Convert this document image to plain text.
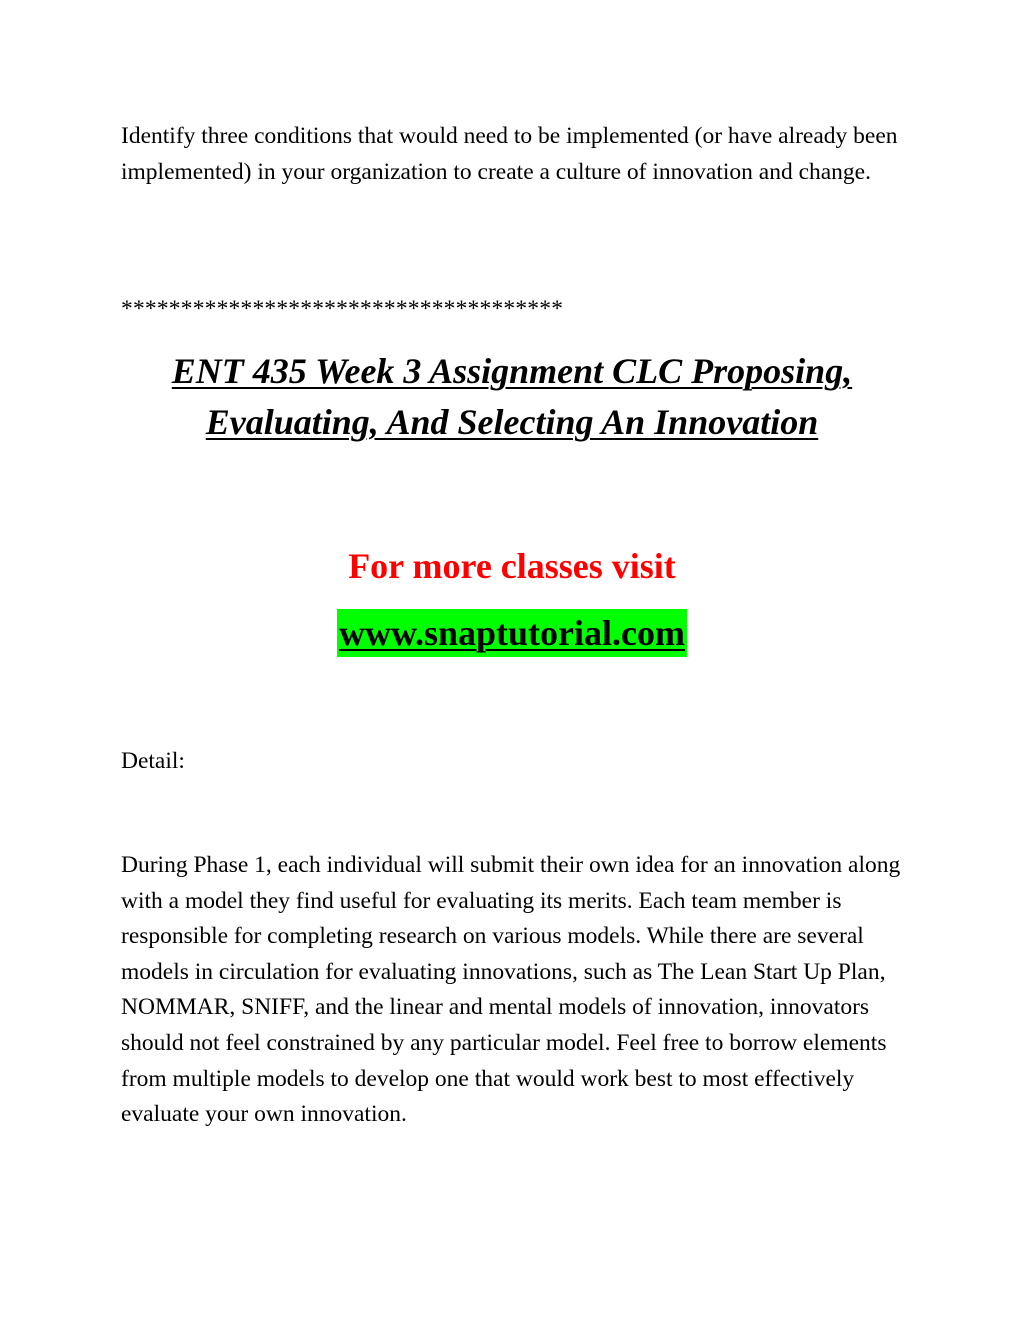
Identify three conditions that would need to be implemented (or have already been implemented) in your organization to create a culture of innovation and change.

*************************************

ENT 435 Week 3 Assignment CLC Proposing,
Evaluating, And Selecting An Innovation

For more classes visit

www.snaptutorial.com

Detail:

During Phase 1, each individual will submit their own idea for an innovation along with a model they find useful for evaluating its merits. Each team member is responsible for completing research on various models. While there are several models in circulation for evaluating innovations, such as The Lean Start Up Plan, NOMMAR, SNIFF, and the linear and mental models of innovation, innovators should not feel constrained by any particular model. Feel free to borrow elements from multiple models to develop one that would work best to most effectively evaluate your own innovation.
